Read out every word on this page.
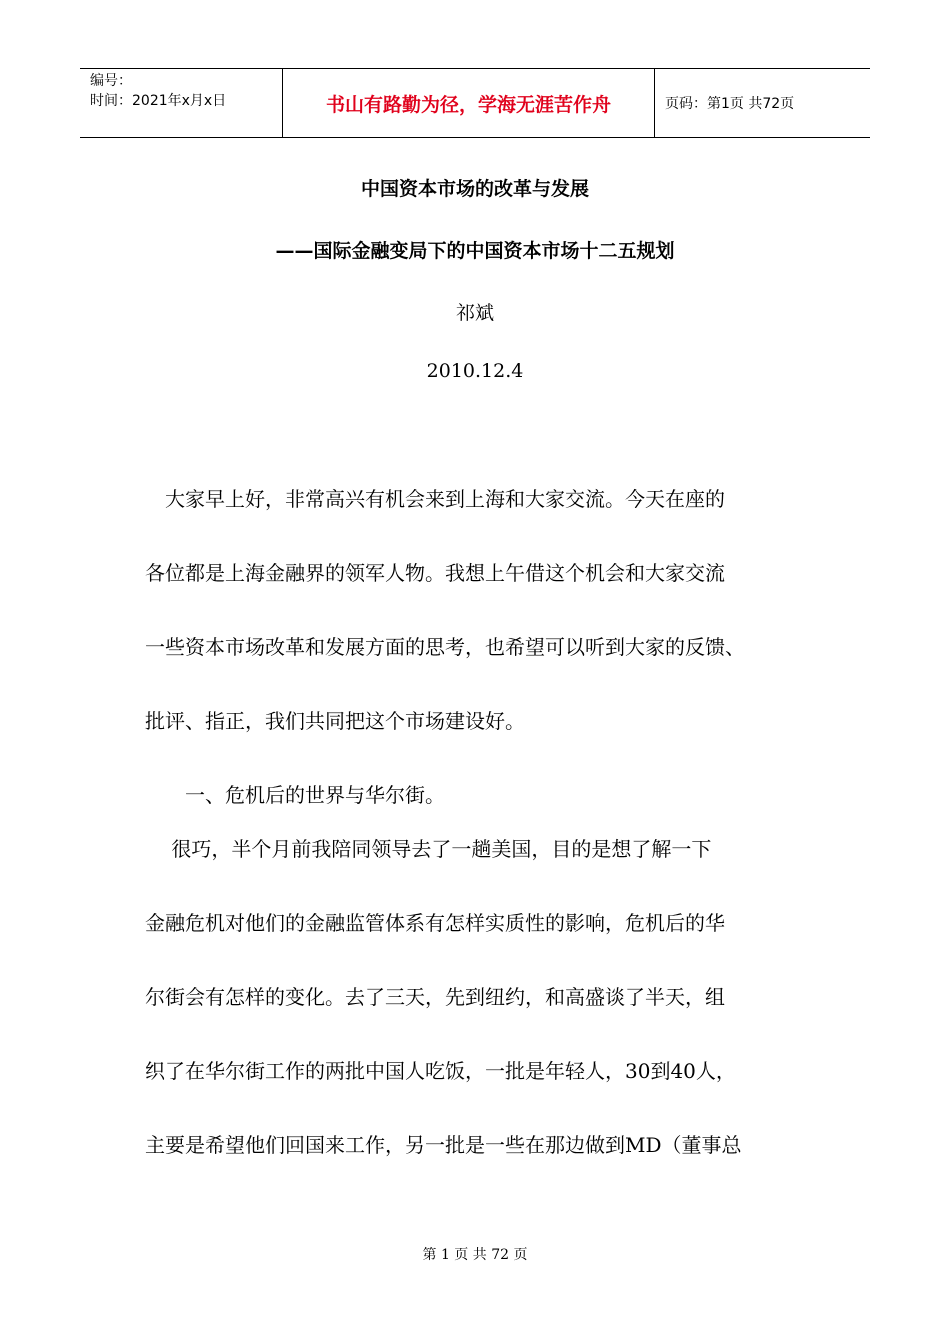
编号：
时间：2021年x月x日	书山有路勤为径，学海无涯苦作舟	页码：第1页 共72页
中国资本市场的改革与发展
——国际金融变局下的中国资本市场十二五规划
祁斌
2010.12.4
　大家早上好，非常高兴有机会来到上海和大家交流。今天在座的
各位都是上海金融界的领军人物。我想上午借这个机会和大家交流
一些资本市场改革和发展方面的思考，也希望可以听到大家的反馈、
批评、指正，我们共同把这个市场建设好。
　　一、危机后的世界与华尔街。
　 很巧，半个月前我陪同领导去了一趟美国，目的是想了解一下
金融危机对他们的金融监管体系有怎样实质性的影响，危机后的华
尔街会有怎样的变化。去了三天，先到纽约，和高盛谈了半天，组
织了在华尔街工作的两批中国人吃饭，一批是年轻人，30到40人，
主要是希望他们回国来工作，另一批是一些在那边做到MD（董事总
第 1 页 共 72 页
